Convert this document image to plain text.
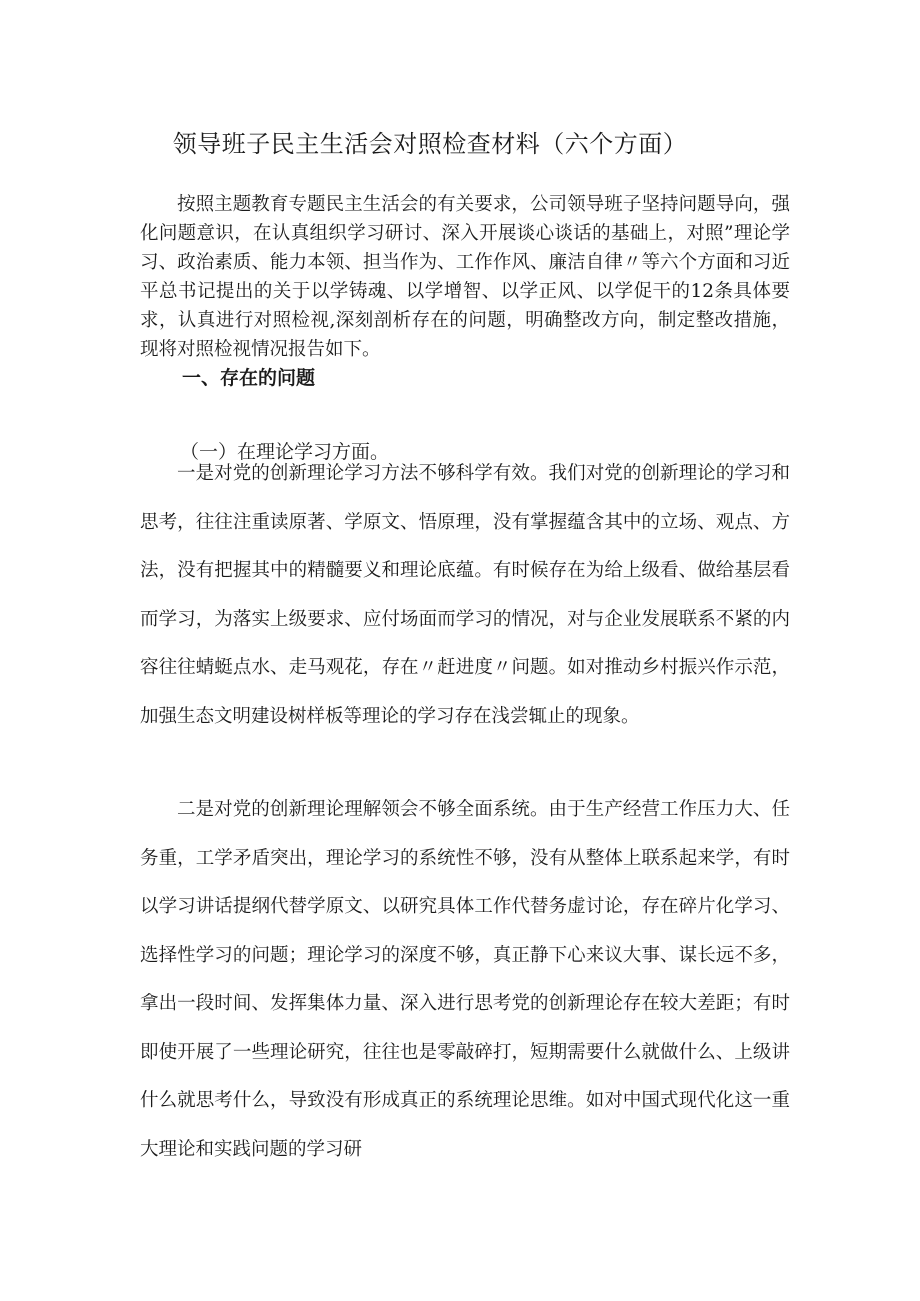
领导班子民主生活会对照检查材料（六个方面）

按照主题教育专题民主生活会的有关要求，公司领导班子坚持问题导向，强化问题意识，在认真组织学习研讨、深入开展谈心谈话的基础上，对照”理论学习、政治素质、能力本领、担当作为、工作作风、廉洁自律〃等六个方面和习近平总书记提出的关于以学铸魂、以学增智、以学正风、以学促干的12条具体要求，认真进行对照检视,深刻剖析存在的问题，明确整改方向，制定整改措施，现将对照检视情况报告如下。

一、存在的问题
（一）在理论学习方面。

一是对党的创新理论学习方法不够科学有效。我们对党的创新理论的学习和思考，往往注重读原著、学原文、悟原理，没有掌握蕴含其中的立场、观点、方法，没有把握其中的精髓要义和理论底蕴。有时候存在为给上级看、做给基层看而学习，为落实上级要求、应付场面而学习的情况，对与企业发展联系不紧的内容往往蜻蜓点水、走马观花，存在〃赶进度〃问题。如对推动乡村振兴作示范，加强生态文明建设树样板等理论的学习存在浅尝辄止的现象。

二是对党的创新理论理解领会不够全面系统。由于生产经营工作压力大、任务重，工学矛盾突出，理论学习的系统性不够，没有从整体上联系起来学，有时以学习讲话提纲代替学原文、以研究具体工作代替务虚讨论，存在碎片化学习、选择性学习的问题；理论学习的深度不够，真正静下心来议大事、谋长远不多，拿出一段时间、发挥集体力量、深入进行思考党的创新理论存在较大差距；有时即使开展了一些理论研究，往往也是零敲碎打，短期需要什么就做什么、上级讲什么就思考什么，导致没有形成真正的系统理论思维。如对中国式现代化这一重大理论和实践问题的学习研
